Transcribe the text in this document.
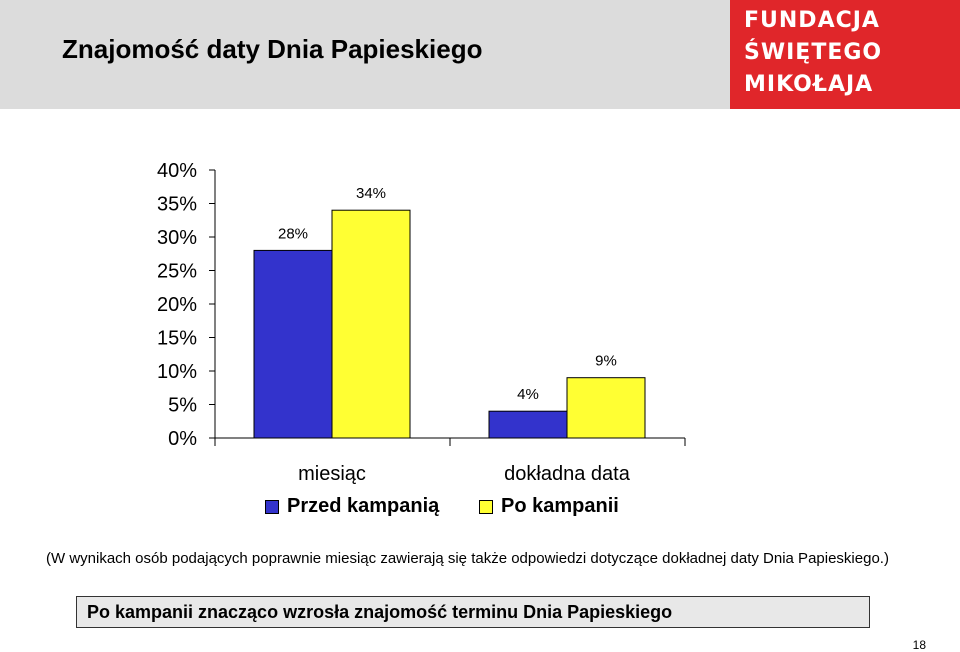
Znajomość daty Dnia Papieskiego
FUNDACJA
ŚWIĘTEGO
MIKOŁAJA
0%
5%
10%
15%
20%
25%
30%
35%
40%
28%
34%
4%
9%
miesiąc	dokładna data
Przed kampanią	Po kampanii
(W wynikach osób podających poprawnie miesiąc zawierają się także odpowiedzi dotyczące dokładnej daty Dnia Papieskiego.)
Po kampanii znacząco wzrosła znajomość terminu Dnia Papieskiego
18
